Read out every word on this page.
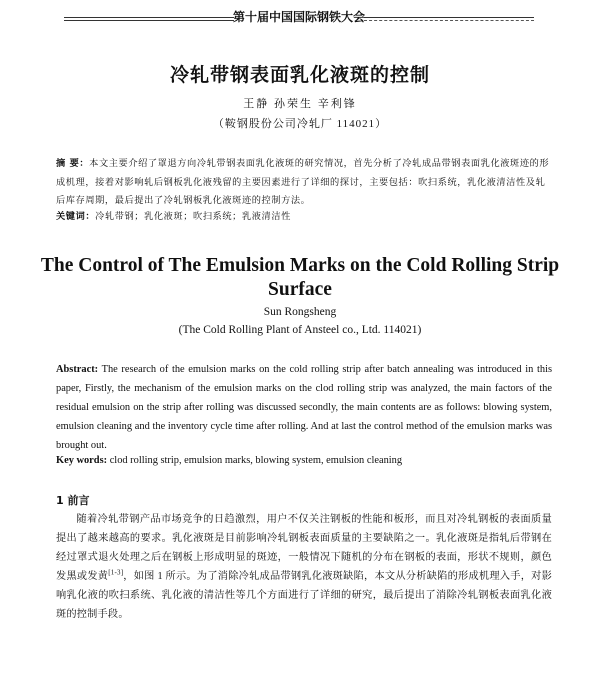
第十届中国国际钢铁大会
冷轧带钢表面乳化液斑的控制
王静 孙荣生 辛利锋
（鞍钢股份公司冷轧厂 114021）
摘 要：本文主要介绍了罩退方向冷轧带钢表面乳化液斑的研究情况，首先分析了冷轧成品带钢表面乳化液斑迹的形成机理，接着对影响轧后钢板乳化液残留的主要因素进行了详细的探讨，主要包括：吹扫系统，乳化液清洁性及轧后库存周期，最后提出了冷轧钢板乳化液斑迹的控制方法。
关键词：冷轧带钢；乳化液斑；吹扫系统；乳液清洁性
The Control of The Emulsion Marks on the Cold Rolling Strip Surface
Sun Rongsheng
(The Cold Rolling Plant of Ansteel co., Ltd. 114021)
Abstract: The research of the emulsion marks on the cold rolling strip after batch annealing was introduced in this paper, Firstly, the mechanism of the emulsion marks on the clod rolling strip was analyzed, the main factors of the residual emulsion on the strip after rolling was discussed secondly, the main contents are as follows: blowing system, emulsion cleaning and the inventory cycle time after rolling. And at last the control method of the emulsion marks was brought out.
Key words: clod rolling strip, emulsion marks, blowing system, emulsion cleaning
1 前言

随着冷轧带钢产品市场竞争的日趋激烈，用户不仅关注钢板的性能和板形，而且对冷轧钢板的表面质量提出了越来越高的要求。乳化液斑是目前影响冷轧钢板表面质量的主要缺陷之一。乳化液斑是指轧后带钢在经过罩式退火处理之后在钢板上形成明显的斑迹，一般情况下随机的分布在钢板的表面，形状不规则，颜色发黑或发黄[1-3]，如图 1 所示。为了消除冷轧成品带钢乳化液斑缺陷，本文从分析缺陷的形成机理入手，对影响乳化液的吹扫系统、乳化液的清洁性等几个方面进行了详细的研究，最后提出了消除冷轧钢板表面乳化液斑的控制手段。
